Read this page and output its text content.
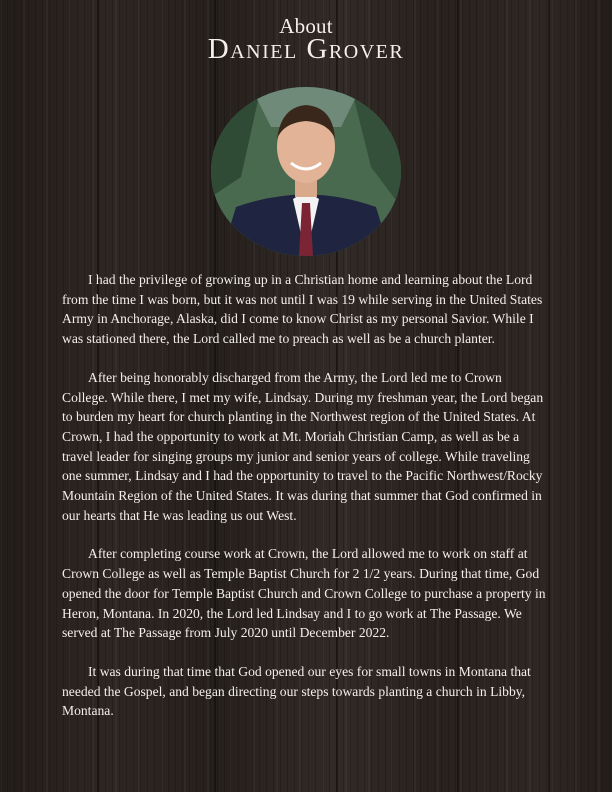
About
Daniel Grover

I had the privilege of growing up in a Christian home and learning about the Lord from the time I was born, but it was not until I was 19 while serving in the United States Army in Anchorage, Alaska, did I come to know Christ as my personal Savior. While I was stationed there, the Lord called me to preach as well as be a church planter.

After being honorably discharged from the Army, the Lord led me to Crown College. While there, I met my wife, Lindsay. During my freshman year, the Lord began to burden my heart for church planting in the Northwest region of the United States. At Crown, I had the opportunity to work at Mt. Moriah Christian Camp, as well as be a travel leader for singing groups my junior and senior years of college. While traveling one summer, Lindsay and I had the opportunity to travel to the Pacific Northwest/Rocky Mountain Region of the United States. It was during that summer that God confirmed in our hearts that He was leading us out West.

After completing course work at Crown, the Lord allowed me to work on staff at Crown College as well as Temple Baptist Church for 2 1/2 years. During that time, God opened the door for Temple Baptist Church and Crown College to purchase a property in Heron, Montana. In 2020, the Lord led Lindsay and I to go work at The Passage. We served at The Passage from July 2020 until December 2022.

It was during that time that God opened our eyes for small towns in Montana that needed the Gospel, and began directing our steps towards planting a church in Libby, Montana.
